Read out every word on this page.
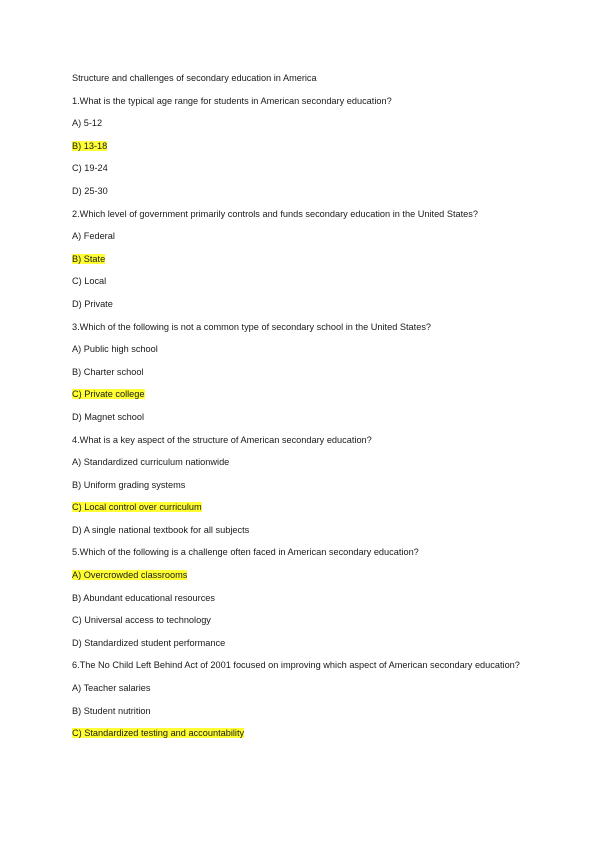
Structure and challenges of secondary education in America
1.What is the typical age range for students in American secondary education?
A) 5-12
B) 13-18
C) 19-24
D) 25-30
2.Which level of government primarily controls and funds secondary education in the United States?
A) Federal
B) State
C) Local
D) Private
3.Which of the following is not a common type of secondary school in the United States?
A) Public high school
B) Charter school
C) Private college
D) Magnet school
4.What is a key aspect of the structure of American secondary education?
A) Standardized curriculum nationwide
B) Uniform grading systems
C) Local control over curriculum
D) A single national textbook for all subjects
5.Which of the following is a challenge often faced in American secondary education?
A) Overcrowded classrooms
B) Abundant educational resources
C) Universal access to technology
D) Standardized student performance
6.The No Child Left Behind Act of 2001 focused on improving which aspect of American secondary education?
A) Teacher salaries
B) Student nutrition
C) Standardized testing and accountability
